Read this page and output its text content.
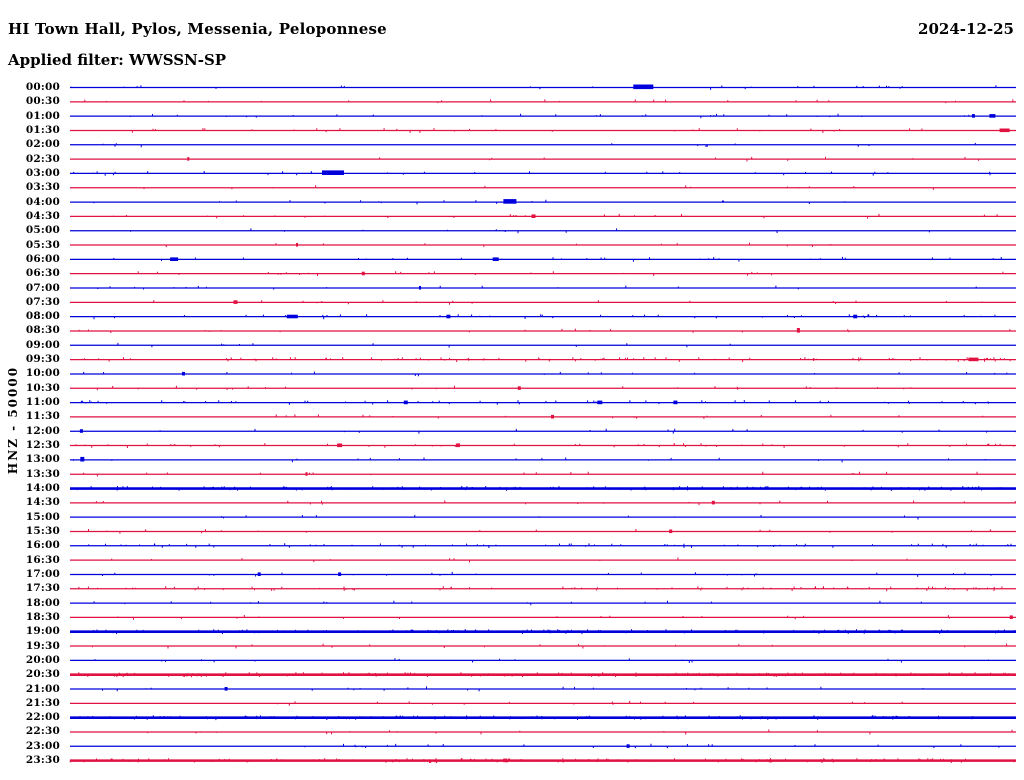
HI Town Hall, Pylos, Messenia, Peloponnese	2024-12-25
Applied filter: WWSSN-SP
HNZ - 50000
00:00
00:30
01:00
01:30
02:00
02:30
03:00
03:30
04:00
04:30
05:00
05:30
06:00
06:30
07:00
07:30
08:00
08:30
09:00
09:30
10:00
10:30
11:00
11:30
12:00
12:30
13:00
13:30
14:00
14:30
15:00
15:30
16:00
16:30
17:00
17:30
18:00
18:30
19:00
19:30
20:00
20:30
21:00
21:30
22:00
22:30
23:00
23:30
